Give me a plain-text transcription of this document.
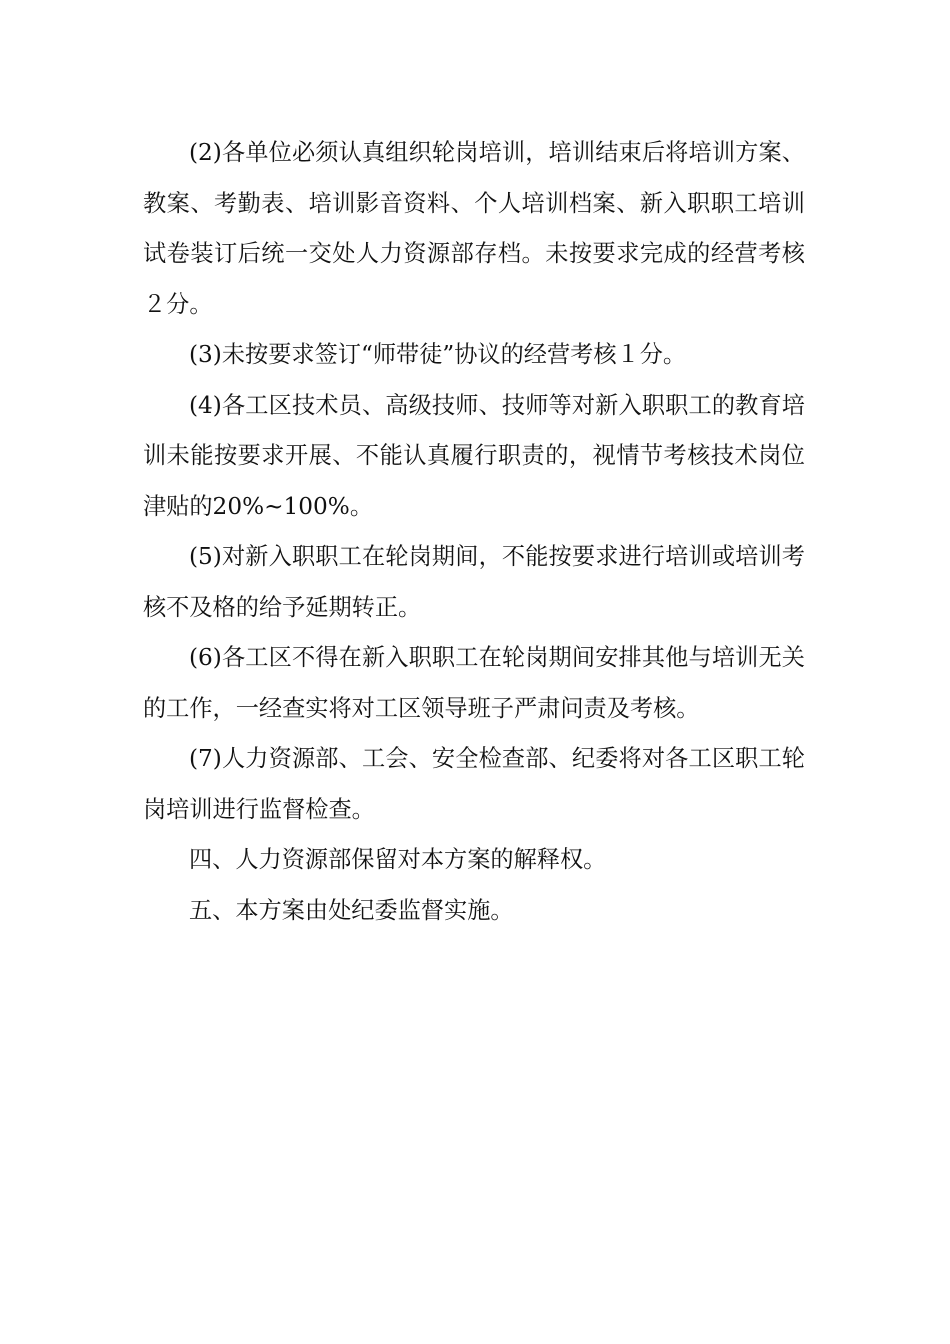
(2)各单位必须认真组织轮岗培训，培训结束后将培训方案、教案、考勤表、培训影音资料、个人培训档案、新入职职工培训试卷装订后统一交处人力资源部存档。未按要求完成的经营考核２分。

(3)未按要求签订“师带徒”协议的经营考核１分。

(4)各工区技术员、高级技师、技师等对新入职职工的教育培训未能按要求开展、不能认真履行职责的，视情节考核技术岗位津贴的20%~100%。

(5)对新入职职工在轮岗期间，不能按要求进行培训或培训考核不及格的给予延期转正。

(6)各工区不得在新入职职工在轮岗期间安排其他与培训无关的工作，一经查实将对工区领导班子严肃问责及考核。

(7)人力资源部、工会、安全检查部、纪委将对各工区职工轮岗培训进行监督检查。

四、人力资源部保留对本方案的解释权。

五、本方案由处纪委监督实施。
